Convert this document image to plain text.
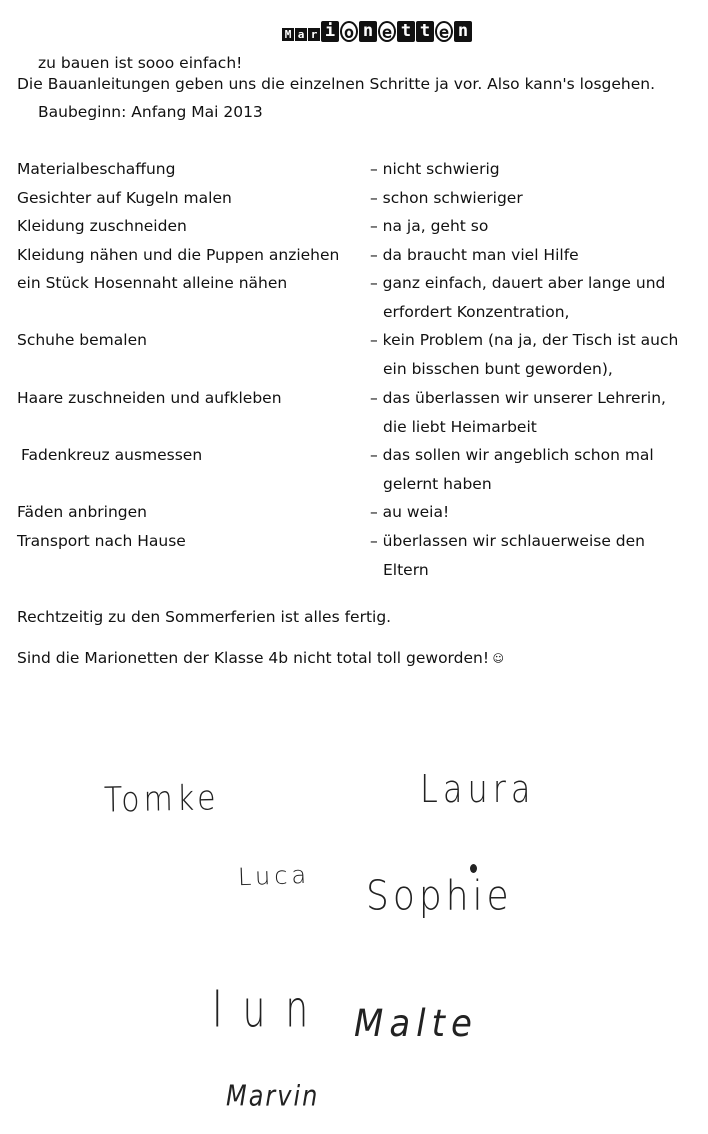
M a r i o n e t t e n
zu bauen ist sooo einfach!
Die Bauanleitungen geben uns die einzelnen Schritte ja vor. Also kann's losgehen.
Baubeginn: Anfang Mai 2013
Materialbeschaffung	– nicht schwierig
Gesichter auf Kugeln malen	– schon schwieriger
Kleidung zuschneiden	– na ja, geht so
Kleidung nähen und die Puppen anziehen – da braucht man viel Hilfe
ein Stück Hosennaht alleine nähen	– ganz einfach, dauert aber lange und
erfordert Konzentration,
Schuhe bemalen	– kein Problem (na ja, der Tisch ist auch
ein bisschen bunt geworden),
Haare zuschneiden und aufkleben	– das überlassen wir unserer Lehrerin,
die liebt Heimarbeit
Fadenkreuz ausmessen	– das sollen wir angeblich schon mal
gelernt haben
Fäden anbringen	– au weia!
Transport nach Hause	– überlassen wir schlauerweise den
Eltern
Rechtzeitig zu den Sommerferien ist alles fertig.
Sind die Marionetten der Klasse 4b nicht total toll geworden! ☺
Tomke	Laura
Luca Sophie
Iun Malte
Marvin
